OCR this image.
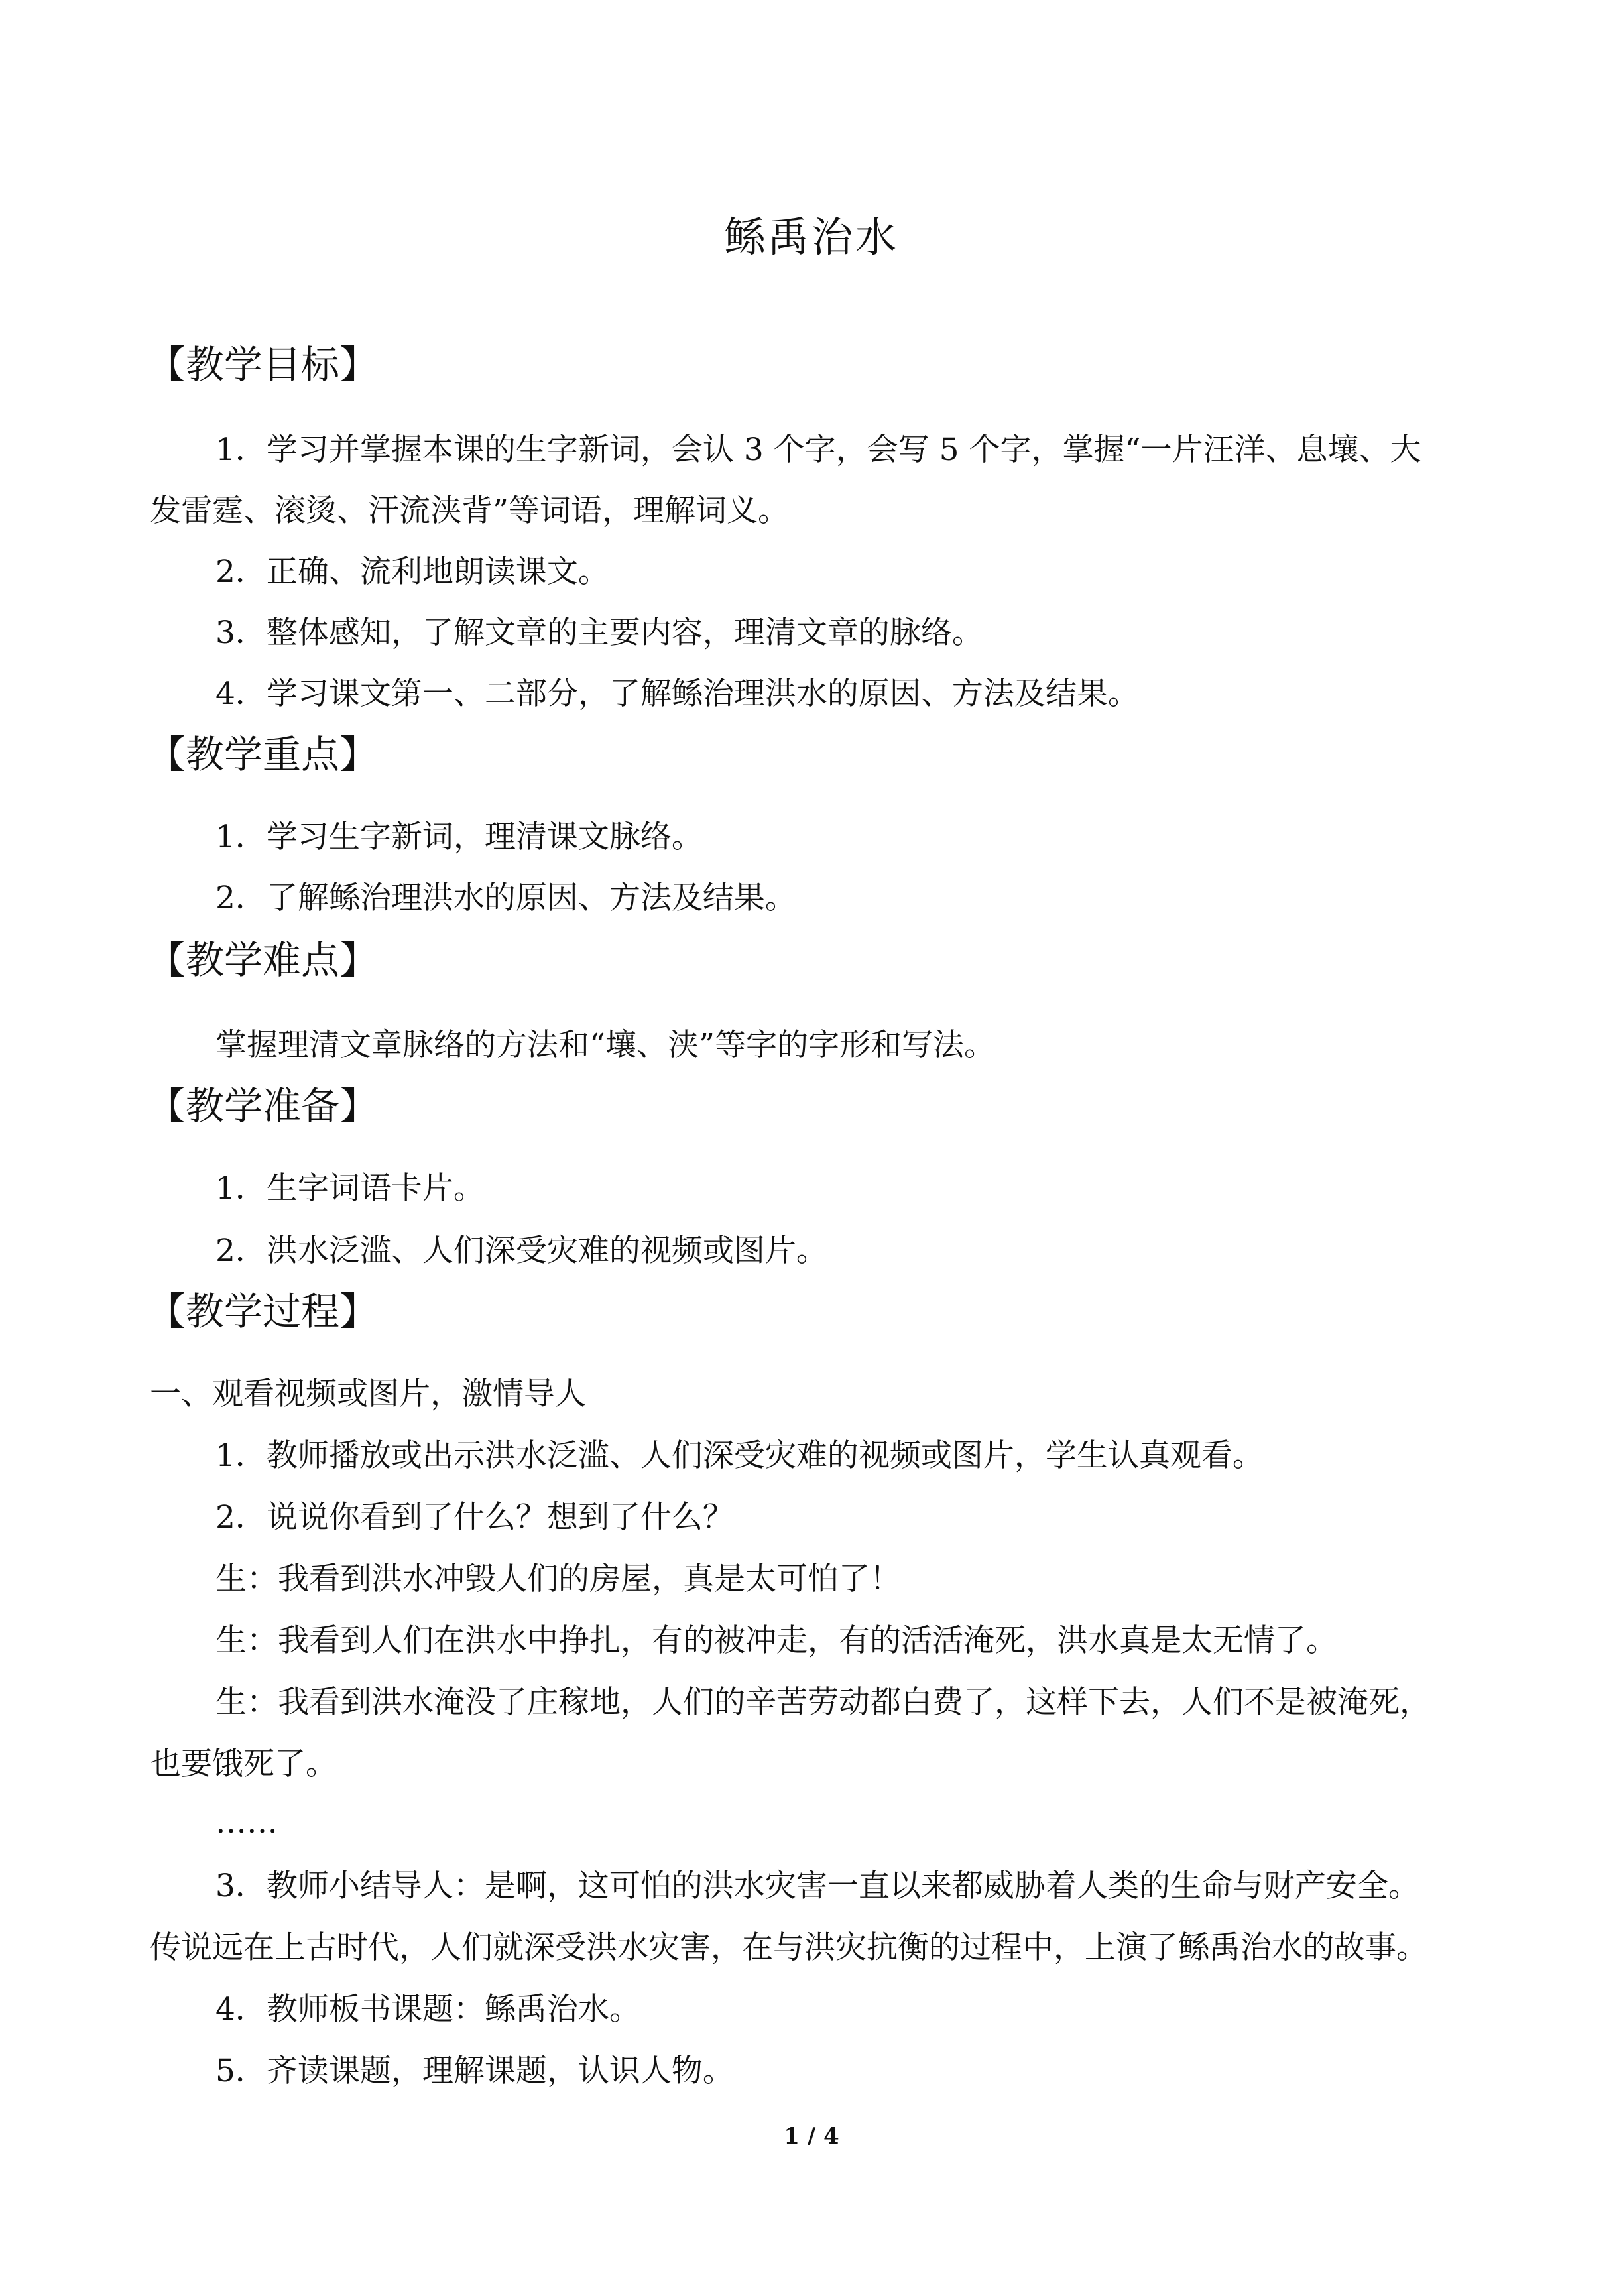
鲧禹治水
【教学目标】
1．学习并掌握本课的生字新词，会认 3 个字，会写 5 个字，掌握“一片汪洋、息壤、大
发雷霆、滚烫、汗流浃背”等词语，理解词义。
2．正确、流利地朗读课文。
3．整体感知，了解文章的主要内容，理清文章的脉络。
4．学习课文第一、二部分，了解鲧治理洪水的原因、方法及结果。
【教学重点】
1．学习生字新词，理清课文脉络。
2．了解鲧治理洪水的原因、方法及结果。
【教学难点】
掌握理清文章脉络的方法和“壤、浃”等字的字形和写法。
【教学准备】
1．生字词语卡片。
2．洪水泛滥、人们深受灾难的视频或图片。
【教学过程】
一、观看视频或图片，激情导人
1．教师播放或出示洪水泛滥、人们深受灾难的视频或图片，学生认真观看。
2．说说你看到了什么？想到了什么？
生：我看到洪水冲毁人们的房屋，真是太可怕了！
生：我看到人们在洪水中挣扎，有的被冲走，有的活活淹死，洪水真是太无情了。
生：我看到洪水淹没了庄稼地，人们的辛苦劳动都白费了，这样下去，人们不是被淹死，
也要饿死了。
……
3．教师小结导人：是啊，这可怕的洪水灾害一直以来都威胁着人类的生命与财产安全。
传说远在上古时代，人们就深受洪水灾害，在与洪灾抗衡的过程中，上演了鲧禹治水的故事。
4．教师板书课题：鲧禹治水。
5．齐读课题，理解课题，认识人物。
1 / 4
